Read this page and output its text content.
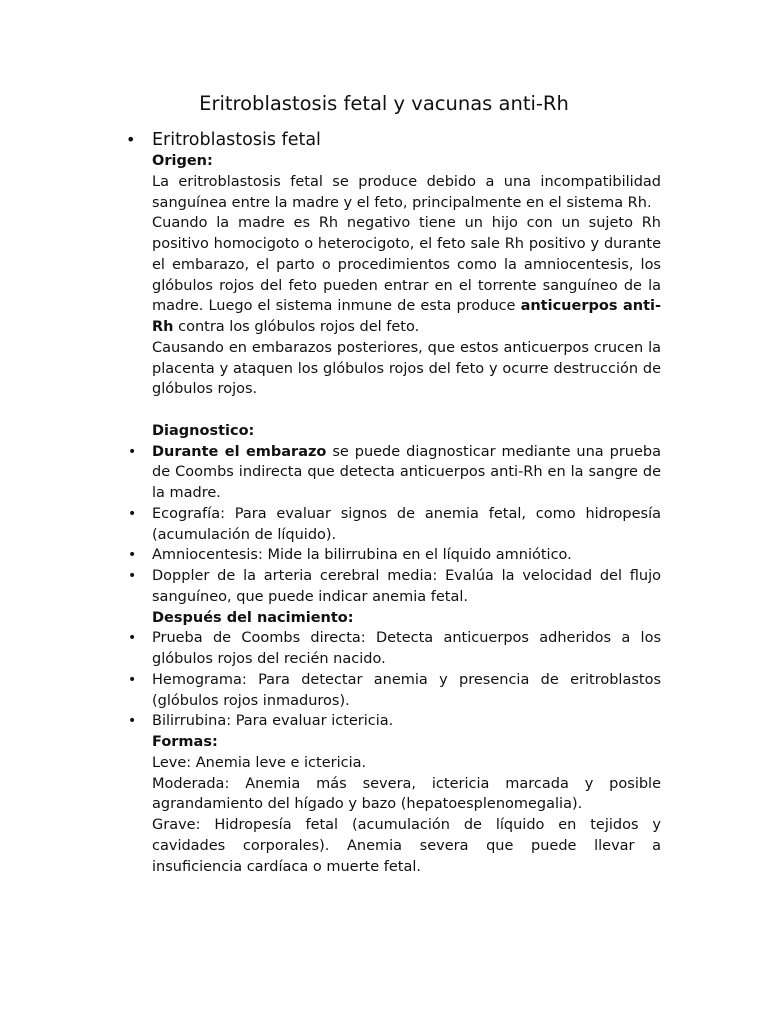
Eritroblastosis fetal y vacunas anti-Rh
• Eritroblastosis fetal

Origen:

La eritroblastosis fetal se produce debido a una incompatibilidad sanguínea entre la madre y el feto, principalmente en el sistema Rh.

Cuando la madre es Rh negativo tiene un hijo con un sujeto Rh positivo homocigoto o heterocigoto, el feto sale Rh positivo y durante el embarazo, el parto o procedimientos como la amniocentesis, los glóbulos rojos del feto pueden entrar en el torrente sanguíneo de la madre. Luego el sistema inmune de esta produce anticuerpos anti-Rh contra los glóbulos rojos del feto.

Causando en embarazos posteriores, que estos anticuerpos crucen la placenta y ataquen los glóbulos rojos del feto y ocurre destrucción de glóbulos rojos.

Diagnostico:

• Durante el embarazo se puede diagnosticar mediante una prueba de Coombs indirecta que detecta anticuerpos anti-Rh en la sangre de la madre.
• Ecografía: Para evaluar signos de anemia fetal, como hidropesía (acumulación de líquido).
• Amniocentesis: Mide la bilirrubina en el líquido amniótico.
• Doppler de la arteria cerebral media: Evalúa la velocidad del flujo sanguíneo, que puede indicar anemia fetal.

Después del nacimiento:

• Prueba de Coombs directa: Detecta anticuerpos adheridos a los glóbulos rojos del recién nacido.
• Hemograma: Para detectar anemia y presencia de eritroblastos (glóbulos rojos inmaduros).
• Bilirrubina: Para evaluar ictericia.

Formas:

Leve: Anemia leve e ictericia.

Moderada: Anemia más severa, ictericia marcada y posible agrandamiento del hígado y bazo (hepatoesplenomegalia).

Grave: Hidropesía fetal (acumulación de líquido en tejidos y cavidades corporales). Anemia severa que puede llevar a insuficiencia cardíaca o muerte fetal.
